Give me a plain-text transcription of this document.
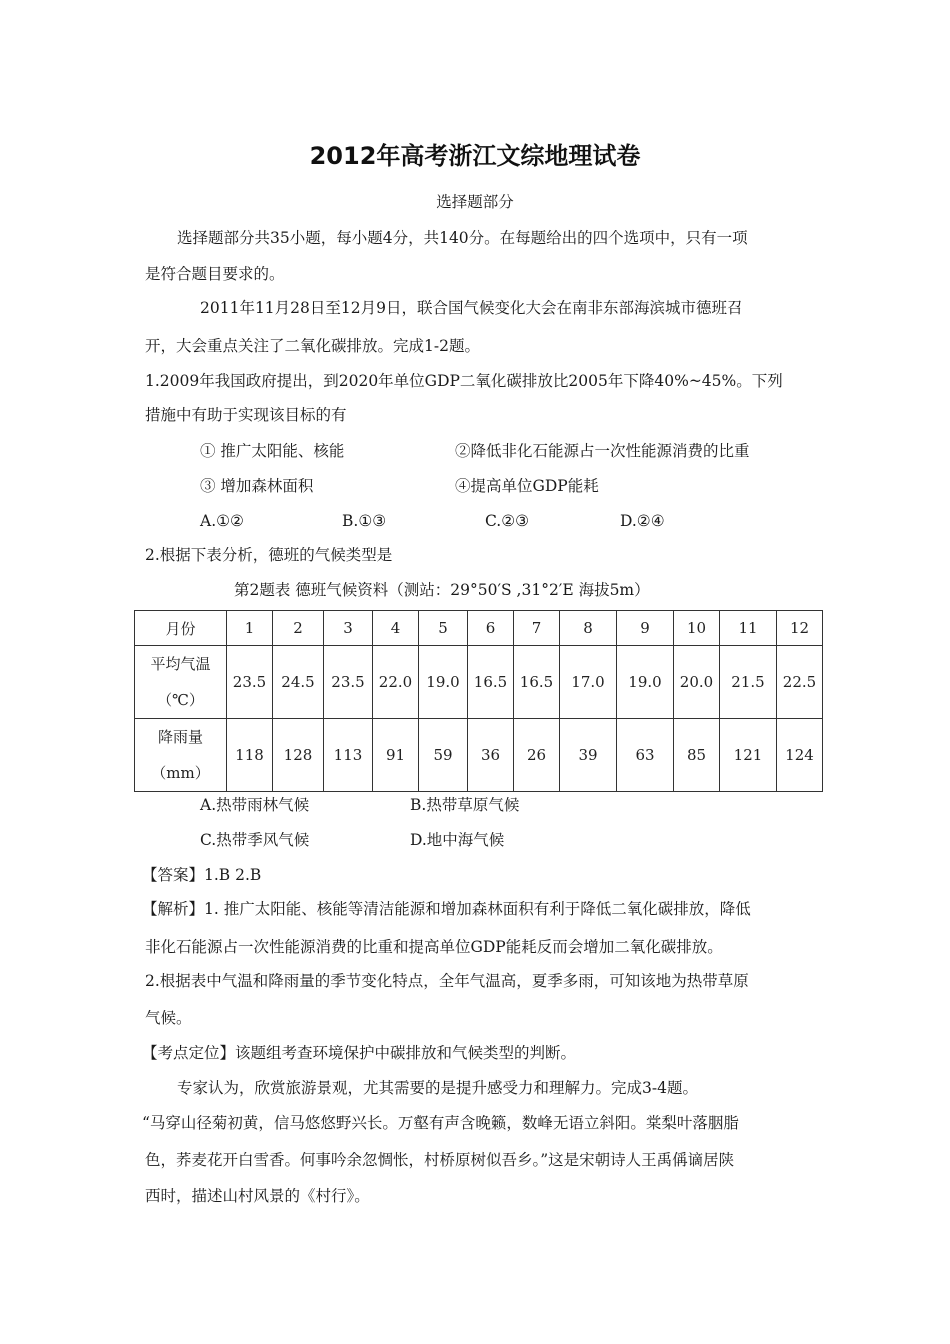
2012年高考浙江文综地理试卷
选择题部分
选择题部分共35小题，每小题4分，共140分。在每题给出的四个选项中，只有一项
是符合题目要求的。
2011年11月28日至12月9日，联合国气候变化大会在南非东部海滨城市德班召
开，大会重点关注了二氧化碳排放。完成1-2题。
1.2009年我国政府提出，到2020年单位GDP二氧化碳排放比2005年下降40%~45%。下列
措施中有助于实现该目标的有
① 推广太阳能、核能	②降低非化石能源占一次性能源消费的比重
③ 增加森林面积	④提高单位GDP能耗
A.①②	B.①③	C.②③	D.②④
2.根据下表分析，德班的气候类型是
第2题表 德班气候资料（测站：29°50′S ,31°2′E 海拔5m）
月份	1	2	3	4	5	6	7	8	9	10	11	12

平均气温
（℃）	23.5	24.5	23.5	22.0	19.0	16.5	16.5	17.0	19.0	20.0	21.5	22.5

降雨量
（mm）	118	128	113	91	59	36	26	39	63	85	121	124
A.热带雨林气候	B.热带草原气候
C.热带季风气候	D.地中海气候
【答案】1.B 2.B
【解析】1. 推广太阳能、核能等清洁能源和增加森林面积有利于降低二氧化碳排放，降低
非化石能源占一次性能源消费的比重和提高单位GDP能耗反而会增加二氧化碳排放。
2.根据表中气温和降雨量的季节变化特点，全年气温高，夏季多雨，可知该地为热带草原
气候。
【考点定位】该题组考查环境保护中碳排放和气候类型的判断。
专家认为，欣赏旅游景观，尤其需要的是提升感受力和理解力。完成3-4题。
“马穿山径菊初黄，信马悠悠野兴长。万壑有声含晚籁，数峰无语立斜阳。棠梨叶落胭脂
色，荞麦花开白雪香。何事吟余忽惆怅，村桥原树似吾乡。”这是宋朝诗人王禹偁谪居陕
西时，描述山村风景的《村行》。
